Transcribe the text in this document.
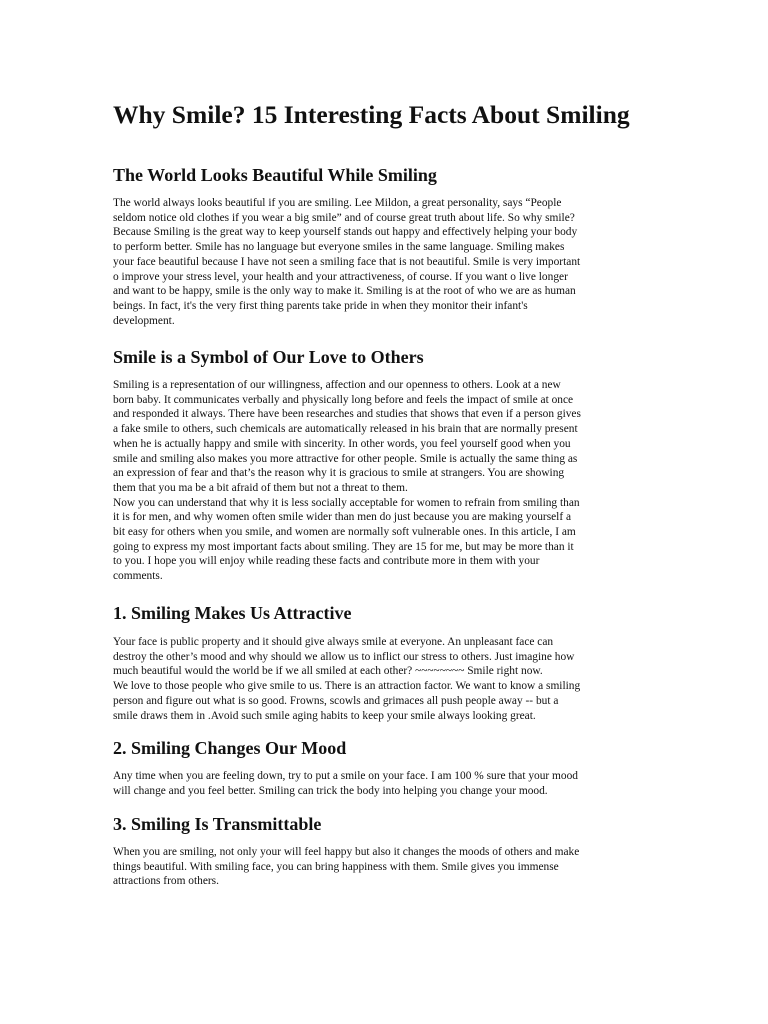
Why Smile? 15 Interesting Facts About Smiling
The World Looks Beautiful While Smiling

The world always looks beautiful if you are smiling. Lee Mildon, a great personality, says “People
seldom notice old clothes if you wear a big smile” and of course great truth about life. So why smile?
Because Smiling is the great way to keep yourself stands out happy and effectively helping your body
to perform better. Smile has no language but everyone smiles in the same language. Smiling makes
your face beautiful because I have not seen a smiling face that is not beautiful. Smile is very important
o improve your stress level, your health and your attractiveness, of course. If you want o live longer
and want to be happy, smile is the only way to make it. Smiling is at the root of who we are as human
beings. In fact, it's the very first thing parents take pride in when they monitor their infant's
development.

Smile is a Symbol of Our Love to Others

Smiling is a representation of our willingness, affection and our openness to others. Look at a new
born baby. It communicates verbally and physically long before and feels the impact of smile at once
and responded it always. There have been researches and studies that shows that even if a person gives
a fake smile to others, such chemicals are automatically released in his brain that are normally present
when he is actually happy and smile with sincerity. In other words, you feel yourself good when you
smile and smiling also makes you more attractive for other people. Smile is actually the same thing as
an expression of fear and that’s the reason why it is gracious to smile at strangers. You are showing
them that you ma be a bit afraid of them but not a threat to them.
Now you can understand that why it is less socially acceptable for women to refrain from smiling than
it is for men, and why women often smile wider than men do just because you are making yourself a
bit easy for others when you smile, and women are normally soft vulnerable ones. In this article, I am
going to express my most important facts about smiling. They are 15 for me, but may be more than it
to you. I hope you will enjoy while reading these facts and contribute more in them with your
comments.

1. Smiling Makes Us Attractive

Your face is public property and it should give always smile at everyone. An unpleasant face can
destroy the other’s mood and why should we allow us to inflict our stress to others. Just imagine how
much beautiful would the world be if we all smiled at each other? ~~~~~~~~ Smile right now.
We love to those people who give smile to us. There is an attraction factor. We want to know a smiling
person and figure out what is so good. Frowns, scowls and grimaces all push people away -- but a
smile draws them in .Avoid such smile aging habits to keep your smile always looking great.

2. Smiling Changes Our Mood

Any time when you are feeling down, try to put a smile on your face. I am 100 % sure that your mood
will change and you feel better. Smiling can trick the body into helping you change your mood.

3. Smiling Is Transmittable

When you are smiling, not only your will feel happy but also it changes the moods of others and make
things beautiful. With smiling face, you can bring happiness with them. Smile gives you immense
attractions from others.
